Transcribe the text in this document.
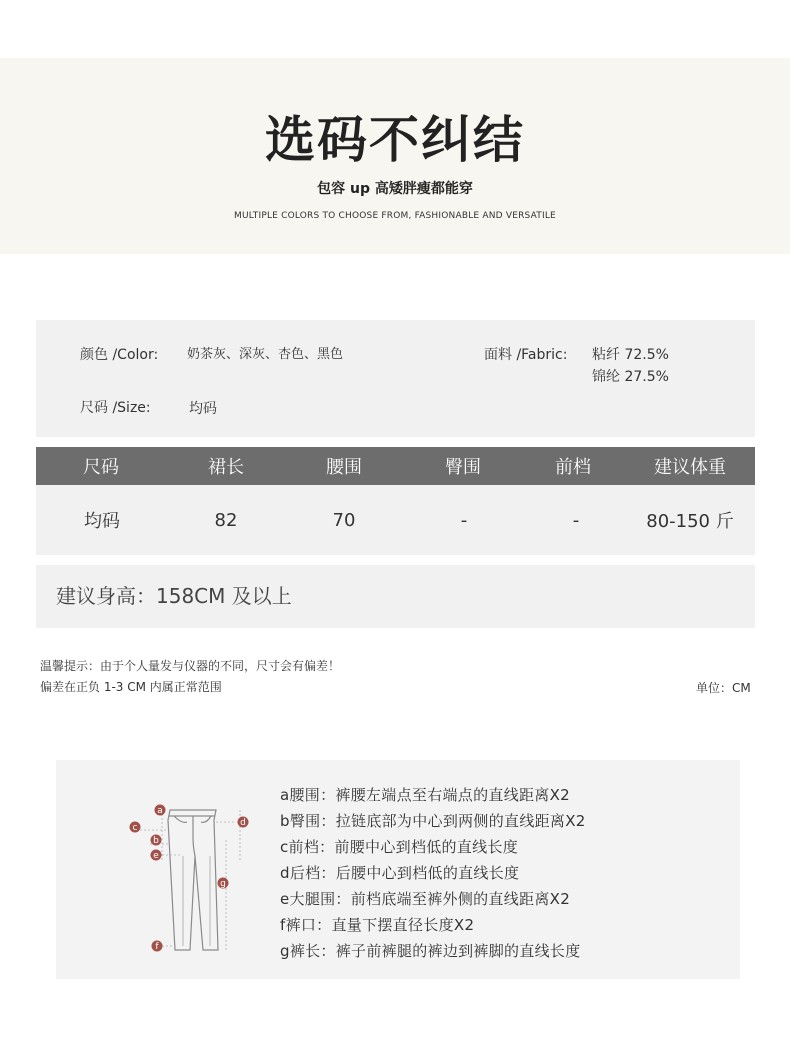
选码不纠结
包容 up 高矮胖瘦都能穿
MULTIPLE COLORS TO CHOOSE FROM, FASHIONABLE AND VERSATILE
颜色 /Color: 奶茶灰、深灰、杏色、黑色	面料 /Fabric: 粘纤 72.5%
锦纶 27.5%
尺码 /Size:	均码
尺码	裙长	腰围	臀围	前档	建议体重
均码	82	70	-	-	80-150 斤
建议身高：158CM 及以上
温馨提示：由于个人量发与仪器的不同，尺寸会有偏差！
偏差在正负 1-3 CM 内属正常范围	单位：CM
a
b
c	d
e
f
g
a腰围：裤腰左端点至右端点的直线距离X2
b臀围：拉链底部为中心到两侧的直线距离X2
c前档：前腰中心到档低的直线长度
d后档：后腰中心到档低的直线长度
e大腿围：前档底端至裤外侧的直线距离X2
f裤口：直量下摆直径长度X2
g裤长：裤子前裤腿的裤边到裤脚的直线长度
